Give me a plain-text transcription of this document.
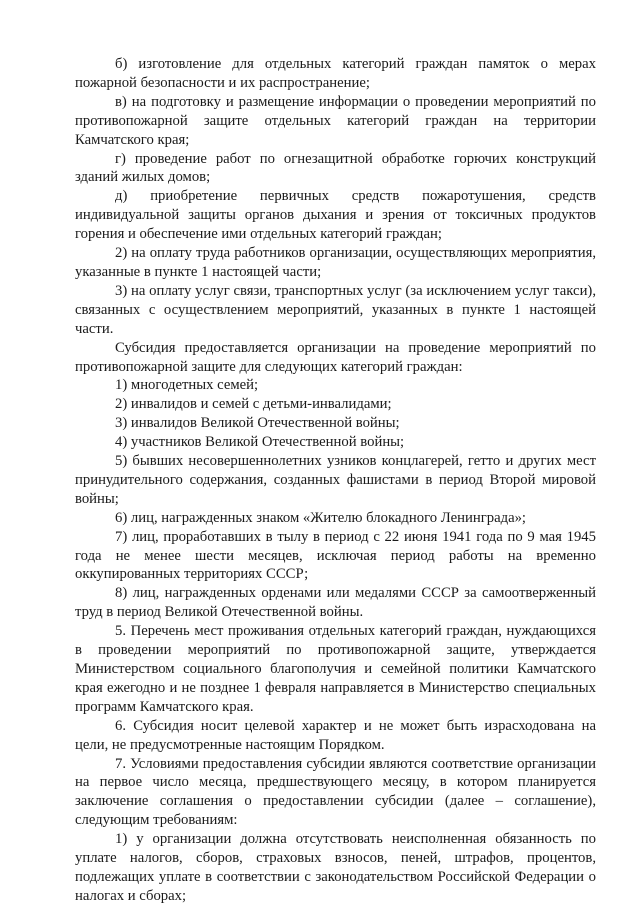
б) изготовление для отдельных категорий граждан памяток о мерах пожарной безопасности и их распространение;

в) на подготовку и размещение информации о проведении мероприятий по противопожарной защите отдельных категорий граждан на территории Камчатского края;

г) проведение работ по огнезащитной обработке горючих конструкций зданий жилых домов;

д) приобретение первичных средств пожаротушения, средств индивидуальной защиты органов дыхания и зрения от токсичных продуктов горения и обеспечение ими отдельных категорий граждан;

2) на оплату труда работников организации, осуществляющих мероприятия, указанные в пункте 1 настоящей части;

3) на оплату услуг связи, транспортных услуг (за исключением услуг такси), связанных с осуществлением мероприятий, указанных в пункте 1 настоящей части.

Субсидия предоставляется организации на проведение мероприятий по противопожарной защите для следующих категорий граждан:

1) многодетных семей;

2) инвалидов и семей с детьми-инвалидами;

3) инвалидов Великой Отечественной войны;

4) участников Великой Отечественной войны;

5) бывших несовершеннолетних узников концлагерей, гетто и других мест принудительного содержания, созданных фашистами в период Второй мировой войны;

6) лиц, награжденных знаком «Жителю блокадного Ленинграда»;

7) лиц, проработавших в тылу в период с 22 июня 1941 года по 9 мая 1945 года не менее шести месяцев, исключая период работы на временно оккупированных территориях СССР;

8) лиц, награжденных орденами или медалями СССР за самоотверженный труд в период Великой Отечественной войны.

5. Перечень мест проживания отдельных категорий граждан, нуждающихся в проведении мероприятий по противопожарной защите, утверждается Министерством социального благополучия и семейной политики Камчатского края ежегодно и не позднее 1 февраля направляется в Министерство специальных программ Камчатского края.

6. Субсидия носит целевой характер и не может быть израсходована на цели, не предусмотренные настоящим Порядком.

7. Условиями предоставления субсидии являются соответствие организации на первое число месяца, предшествующего месяцу, в котором планируется заключение соглашения о предоставлении субсидии (далее – соглашение), следующим требованиям:

1) у организации должна отсутствовать неисполненная обязанность по уплате налогов, сборов, страховых взносов, пеней, штрафов, процентов, подлежащих уплате в соответствии с законодательством Российской Федерации о налогах и сборах;
